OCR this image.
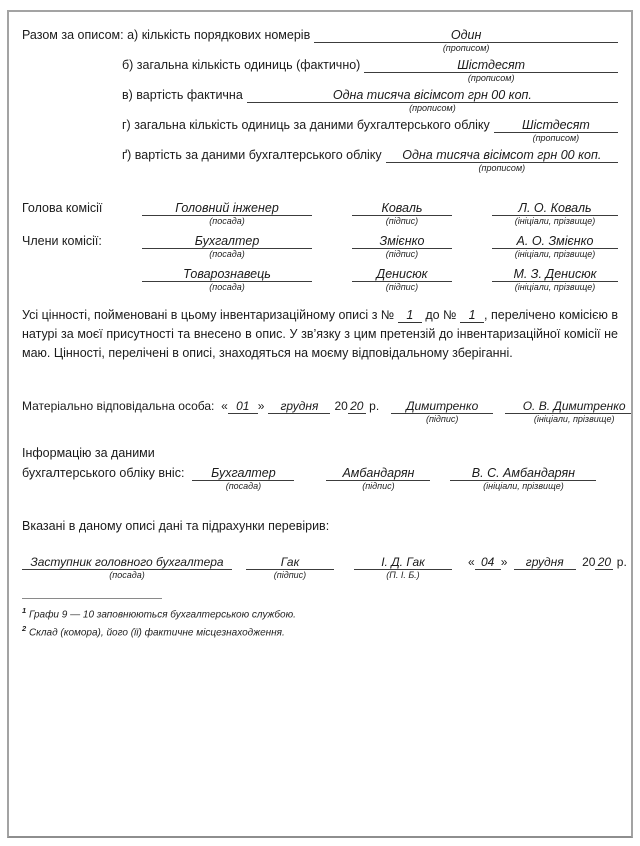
Разом за описом:
а) кількість порядкових номерів	Один
(прописом)
б) загальна кількість одиниць (фактично)	Шістдесят
(прописом)
в) вартість фактична	Одна тисяча вісімсот грн 00 коп.
(прописом)
г) загальна кількість одиниць за даними бухгалтерського обліку	Шістдесят
(прописом)
ґ) вартість за даними бухгалтерського обліку	Одна тисяча вісімсот грн 00 коп.
(прописом)
Голова комісії	Головний інженер
(посада)
Коваль
(підпис)
Л. О. Коваль
(ініціали, прізвище)
Члени комісії:	Бухгалтер
(посада)
Змієнко
(підпис)
А. О. Змієнко
(ініціали, прізвище)
Товарознавець
(посада)
Денисюк
(підпис)
М. З. Денисюк
(ініціали, прізвище)

Усі цінності, пойменовані в цьому інвентаризаційному описі з № 1 до № 1 , перелічено комісією в натурі за моєї присутності та внесено в опис. У зв’язку з цим претензій до інвентаризаційної комісії не маю. Цінності, перелічені в описі, знаходяться на моєму відповідальному зберіганні.

Матеріально відповідальна особа:
« 01 »	грудня	20 20
р.	Димитренко
(підпис)
О. В. Димитренко
(ініціали, прізвище)
Інформацію за даними
бухгалтерського обліку вніс:	Бухгалтер
(посада)
Амбандарян
(підпис)
В. С. Амбандарян
(ініціали, прізвище)
Вказані в даному описі дані та підрахунки перевірив:
Заступник головного бухгалтера
(посада)
Гак
(підпис)
І. Д. Гак
(П. І. Б.)
« 04 » грудня 20 20 р.
$^1$ Графи 9 — 10 заповнюються бухгалтерською службою.
$^2$ Склад (комора), його (її) фактичне місцезнаходження.
